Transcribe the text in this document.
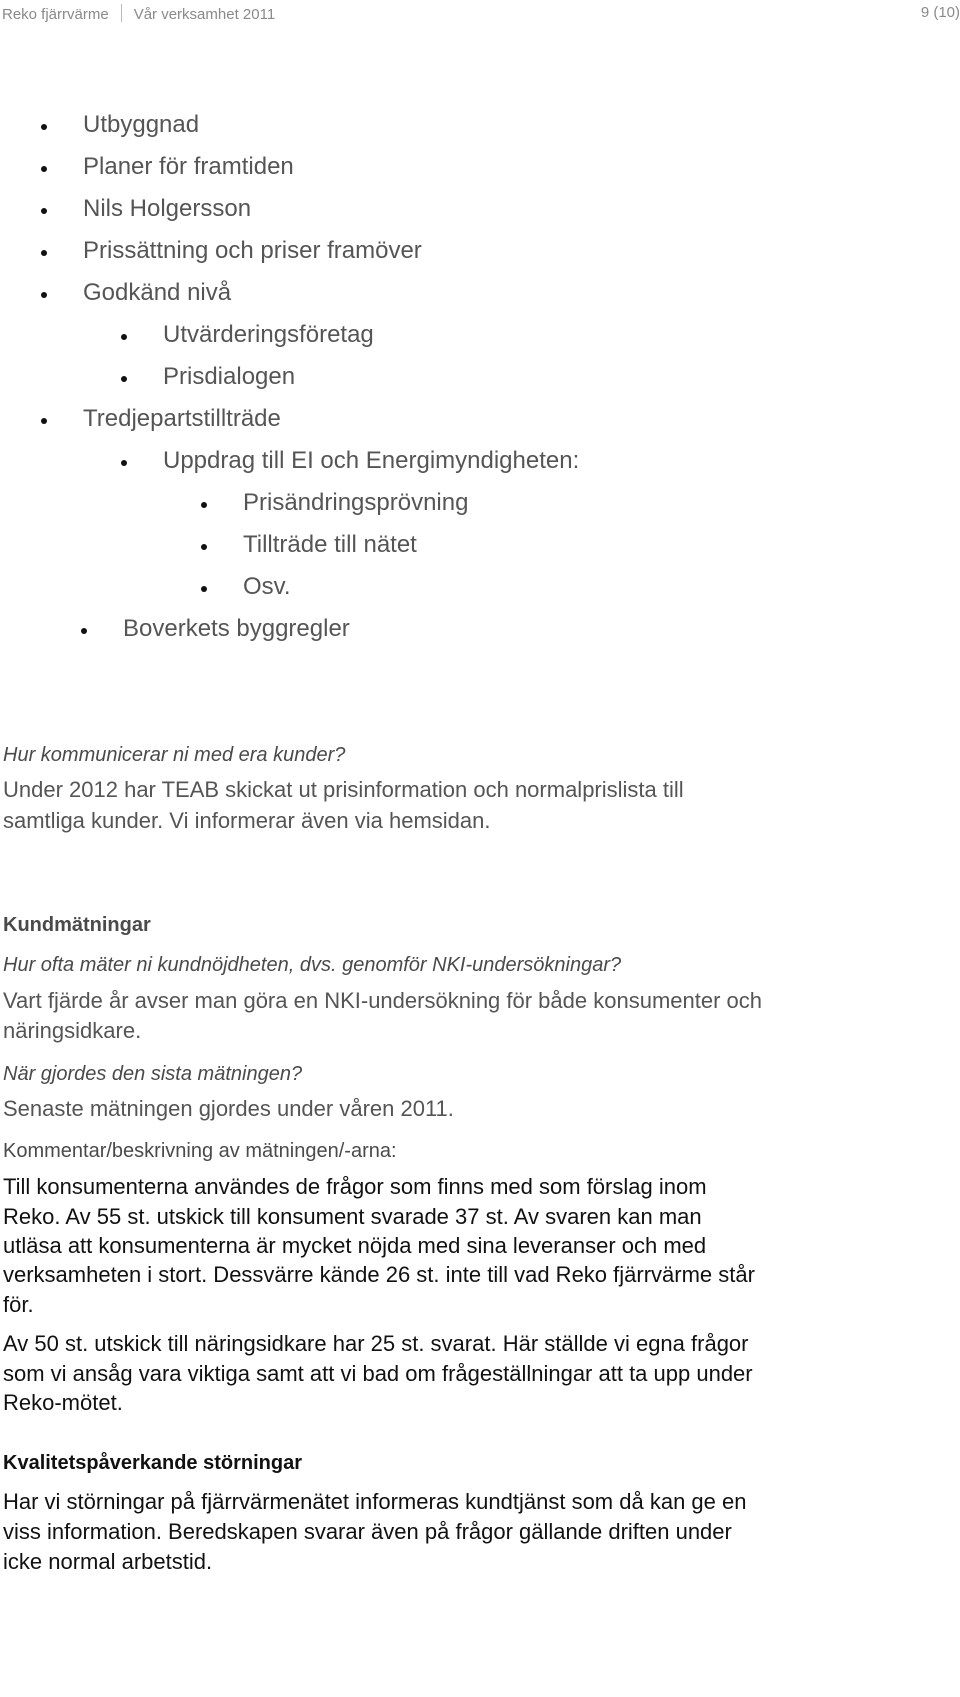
Reko fjärrvärme Vår verksamhet 2011	9 (10)
Utbyggnad
Planer för framtiden
Nils Holgersson
Prissättning och priser framöver
Godkänd nivå
Utvärderingsföretag
Prisdialogen
Tredjepartstillträde
Uppdrag till EI och Energimyndigheten:
Prisändringsprövning
Tillträde till nätet
Osv.
Boverkets byggregler
Hur kommunicerar ni med era kunder?
Under 2012 har TEAB skickat ut prisinformation och normalprislista till
samtliga kunder. Vi informerar även via hemsidan.
Kundmätningar
Hur ofta mäter ni kundnöjdheten, dvs. genomför NKI-undersökningar?
Vart fjärde år avser man göra en NKI-undersökning för både konsumenter och
näringsidkare.
När gjordes den sista mätningen?
Senaste mätningen gjordes under våren 2011.
Kommentar/beskrivning av mätningen/-arna:
Till konsumenterna användes de frågor som finns med som förslag inom
Reko. Av 55 st. utskick till konsument svarade 37 st. Av svaren kan man
utläsa att konsumenterna är mycket nöjda med sina leveranser och med
verksamheten i stort. Dessvärre kände 26 st. inte till vad Reko fjärrvärme står
för.
Av 50 st. utskick till näringsidkare har 25 st. svarat. Här ställde vi egna frågor
som vi ansåg vara viktiga samt att vi bad om frågeställningar att ta upp under
Reko-mötet.
Kvalitetspåverkande störningar
Har vi störningar på fjärrvärmenätet informeras kundtjänst som då kan ge en
viss information. Beredskapen svarar även på frågor gällande driften under
icke normal arbetstid.
